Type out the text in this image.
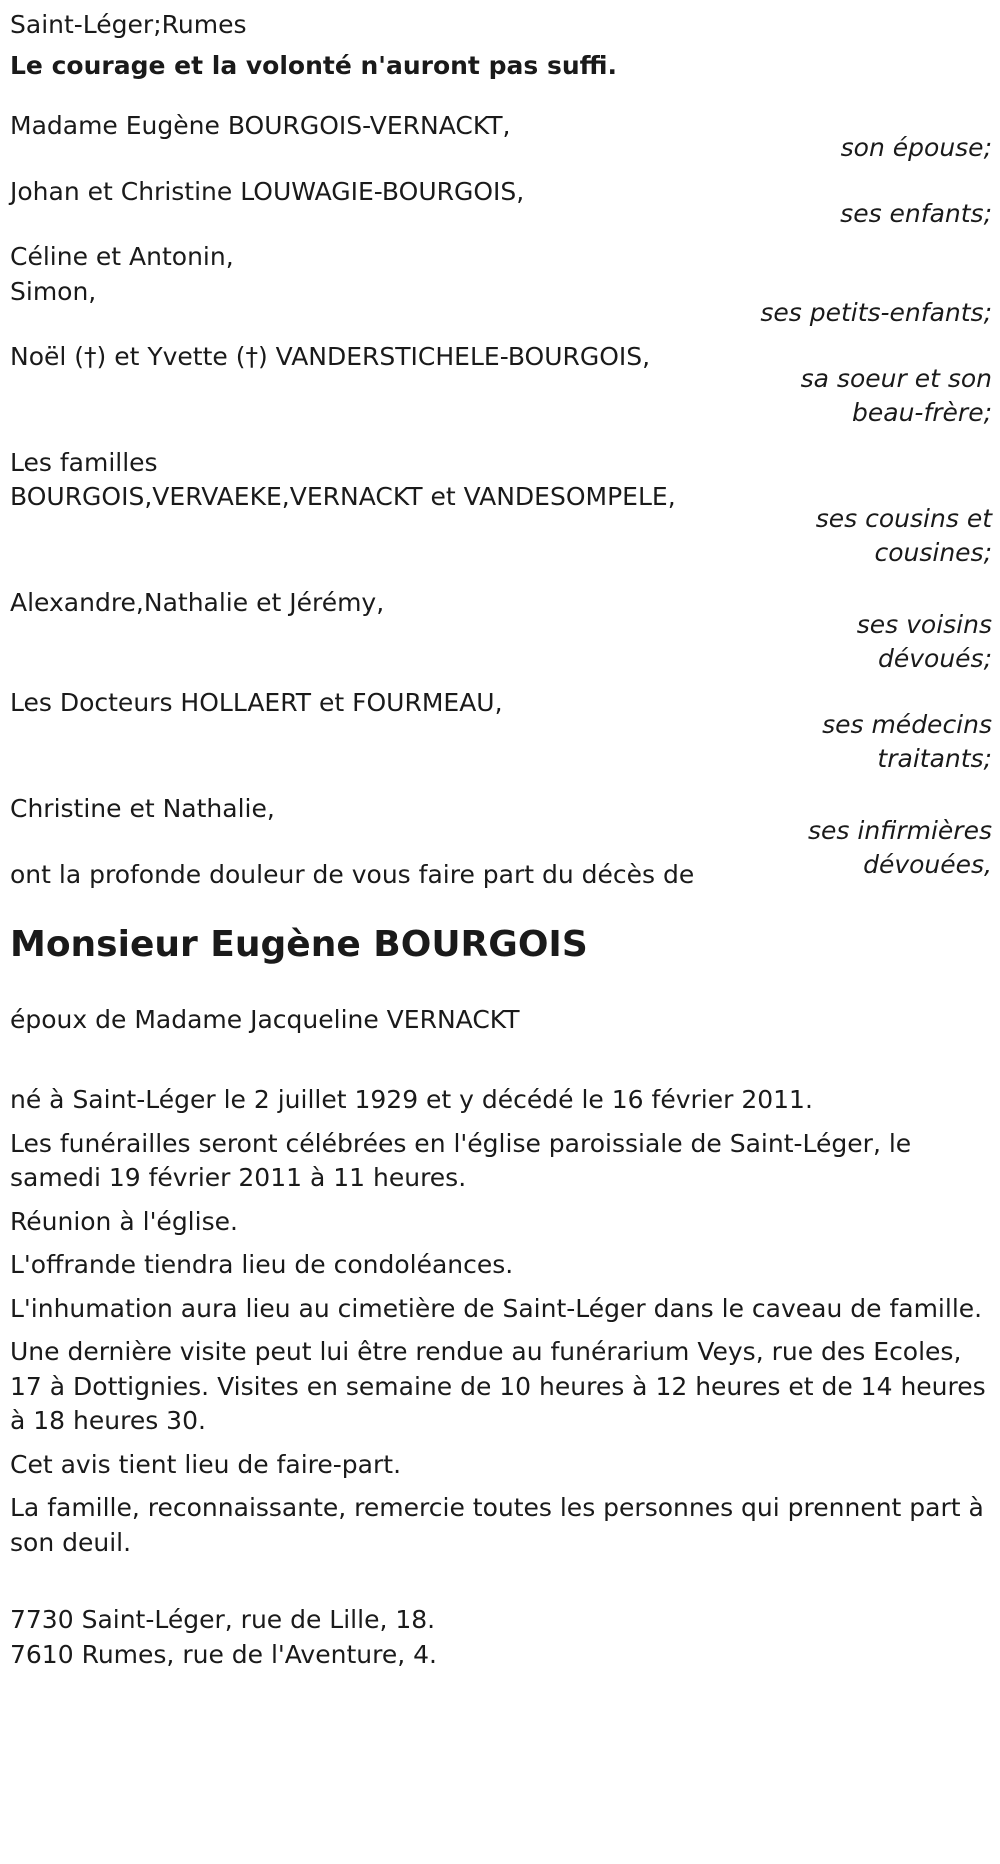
Saint-Léger;Rumes
Le courage et la volonté n'auront pas suffi.
Madame Eugène BOURGOIS-VERNACKT,
son épouse;
Johan et Christine LOUWAGIE-BOURGOIS,
ses enfants;
Céline et Antonin,
Simon,
ses petits-enfants;
Noël (†) et Yvette (†) VANDERSTICHELE-BOURGOIS,
sa soeur et son beau-frère;
Les familles
BOURGOIS,VERVAEKE,VERNACKT et VANDESOMPELE,
ses cousins et cousines;
Alexandre,Nathalie et Jérémy,
ses voisins dévoués;
Les Docteurs HOLLAERT et FOURMEAU,
ses médecins traitants;
Christine et Nathalie,
ses infirmières dévouées,
ont la profonde douleur de vous faire part du décès de
Monsieur Eugène BOURGOIS
époux de Madame Jacqueline VERNACKT

né à Saint-Léger le 2 juillet 1929 et y décédé le 16 février 2011.

Les funérailles seront célébrées en l'église paroissiale de Saint-Léger, le samedi 19 février 2011 à 11 heures.

Réunion à l'église.

L'offrande tiendra lieu de condoléances.

L'inhumation aura lieu au cimetière de Saint-Léger dans le caveau de famille.

Une dernière visite peut lui être rendue au funérarium Veys, rue des Ecoles, 17 à Dottignies. Visites en semaine de 10 heures à 12 heures et de 14 heures à 18 heures 30.

Cet avis tient lieu de faire-part.

La famille, reconnaissante, remercie toutes les personnes qui prennent part à son deuil.

7730 Saint-Léger, rue de Lille, 18.
7610 Rumes, rue de l'Aventure, 4.
